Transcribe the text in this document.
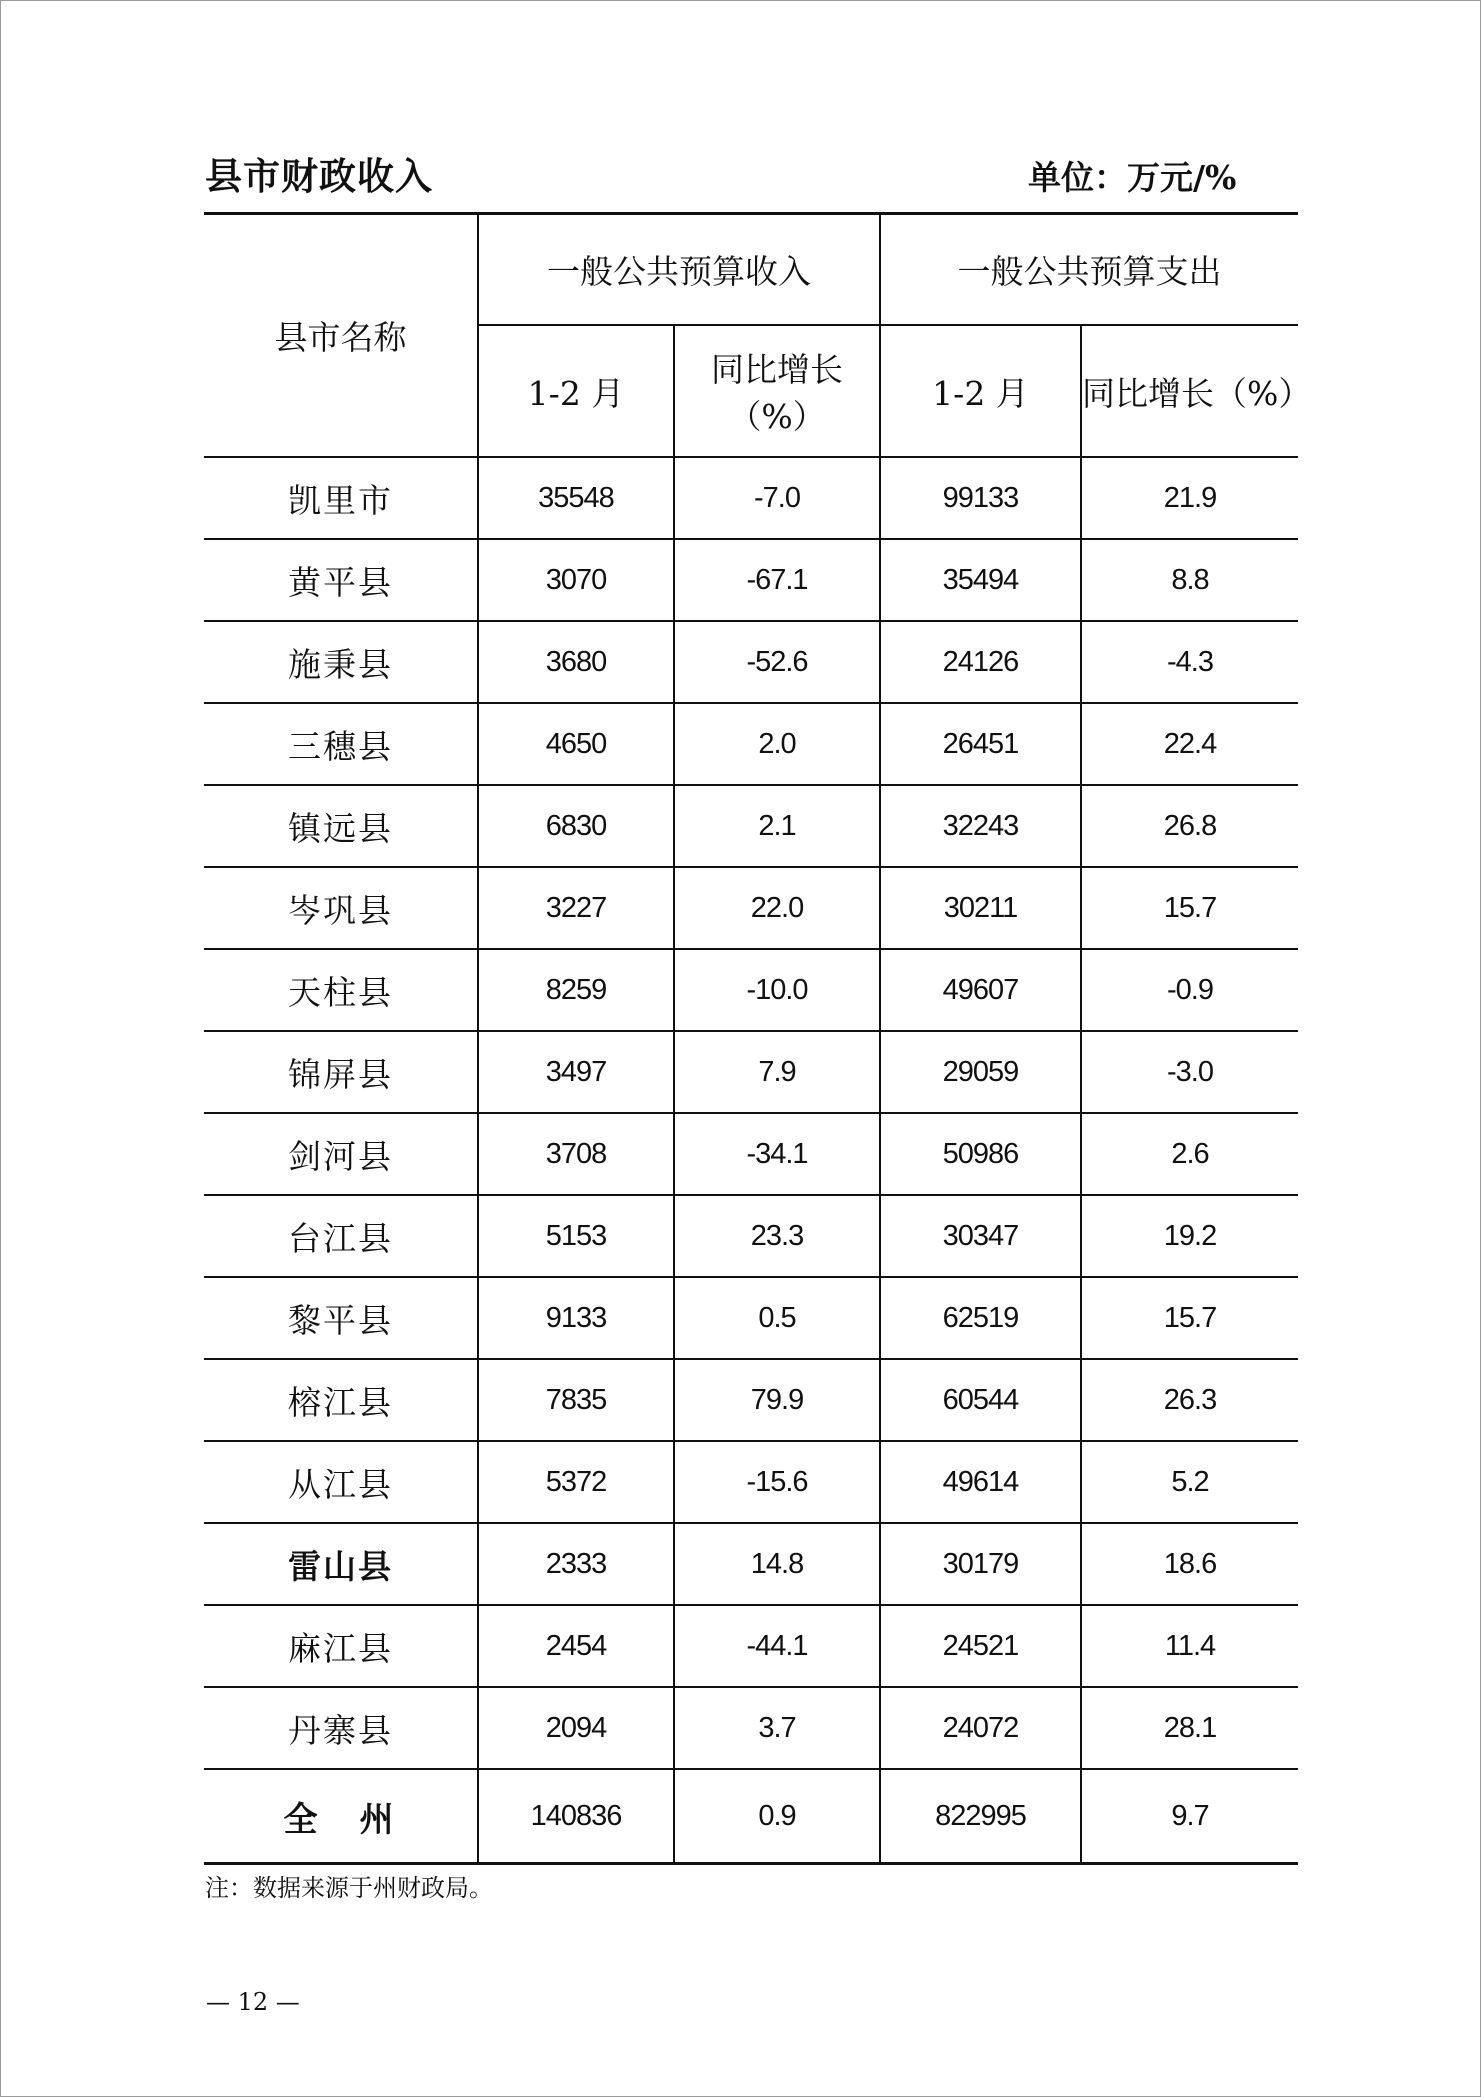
县市财政收入	单位：万元/%
县市名称	一般公共预算收入		一般公共预算支出	
	1-2 月	同比增长（%）	1-2 月	同比增长（%）
凯里市	35548	-7.0	99133	21.9
黄平县	3070	-67.1	35494	8.8
施秉县	3680	-52.6	24126	-4.3
三穗县	4650	2.0	26451	22.4
镇远县	6830	2.1	32243	26.8
岑巩县	3227	22.0	30211	15.7
天柱县	8259	-10.0	49607	-0.9
锦屏县	3497	7.9	29059	-3.0
剑河县	3708	-34.1	50986	2.6
台江县	5153	23.3	30347	19.2
黎平县	9133	0.5	62519	15.7
榕江县	7835	79.9	60544	26.3
从江县	5372	-15.6	49614	5.2
雷山县	2333	14.8	30179	18.6
麻江县	2454	-44.1	24521	11.4
丹寨县	2094	3.7	24072	28.1
全　州	140836	0.9	822995	9.7
注：数据来源于州财政局。
— 12 —
